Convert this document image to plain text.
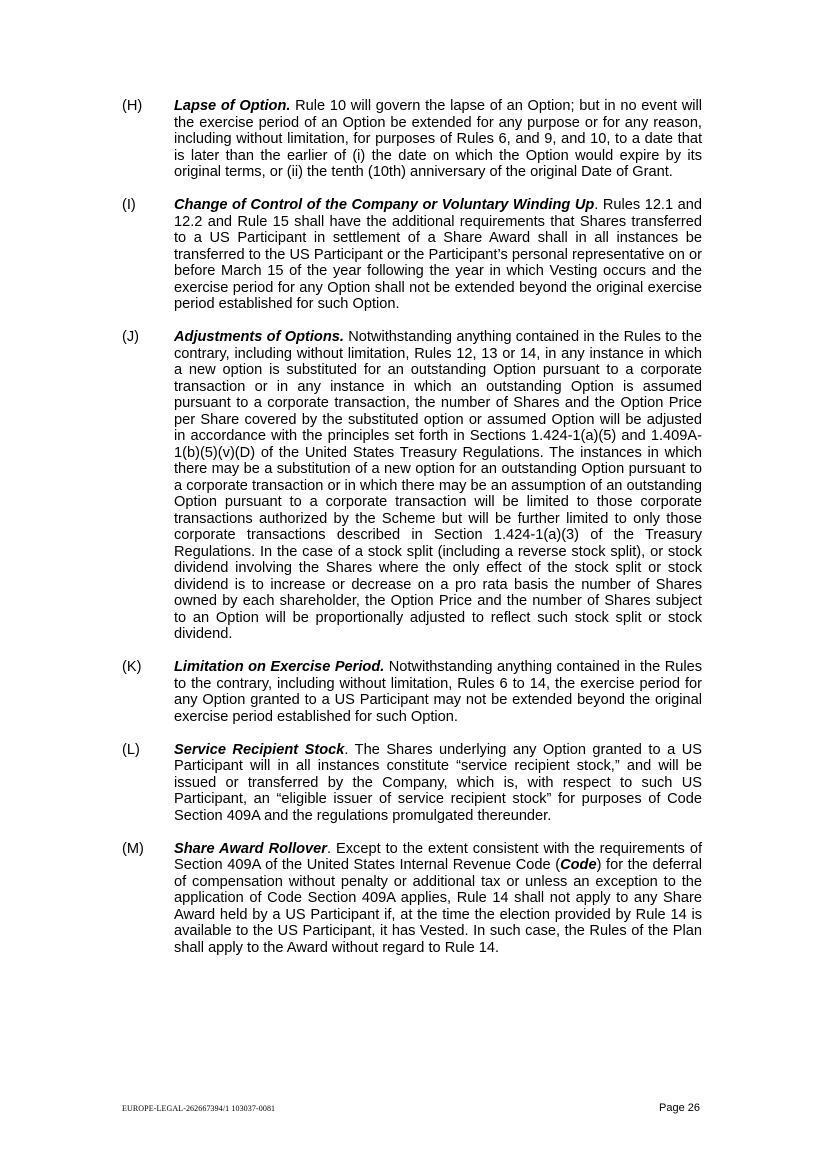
(H)	Lapse of Option. Rule 10 will govern the lapse of an Option; but in no event will the exercise period of an Option be extended for any purpose or for any reason, including without limitation, for purposes of Rules 6, and 9, and 10, to a date that is later than the earlier of (i) the date on which the Option would expire by its original terms, or (ii) the tenth (10th) anniversary of the original Date of Grant.
(I)	Change of Control of the Company or Voluntary Winding Up. Rules 12.1 and 12.2 and Rule 15 shall have the additional requirements that Shares transferred to a US Participant in settlement of a Share Award shall in all instances be transferred to the US Participant or the Participant’s personal representative on or before March 15 of the year following the year in which Vesting occurs and the exercise period for any Option shall not be extended beyond the original exercise period established for such Option.
(J)	Adjustments of Options. Notwithstanding anything contained in the Rules to the contrary, including without limitation, Rules 12, 13 or 14, in any instance in which a new option is substituted for an outstanding Option pursuant to a corporate transaction or in any instance in which an outstanding Option is assumed pursuant to a corporate transaction, the number of Shares and the Option Price per Share covered by the substituted option or assumed Option will be adjusted in accordance with the principles set forth in Sections 1.424-1(a)(5) and 1.409A-1(b)(5)(v)(D) of the United States Treasury Regulations. The instances in which there may be a substitution of a new option for an outstanding Option pursuant to a corporate transaction or in which there may be an assumption of an outstanding Option pursuant to a corporate transaction will be limited to those corporate transactions authorized by the Scheme but will be further limited to only those corporate transactions described in Section 1.424-1(a)(3) of the Treasury Regulations. In the case of a stock split (including a reverse stock split), or stock dividend involving the Shares where the only effect of the stock split or stock dividend is to increase or decrease on a pro rata basis the number of Shares owned by each shareholder, the Option Price and the number of Shares subject to an Option will be proportionally adjusted to reflect such stock split or stock dividend.
(K)	Limitation on Exercise Period. Notwithstanding anything contained in the Rules to the contrary, including without limitation, Rules 6 to 14, the exercise period for any Option granted to a US Participant may not be extended beyond the original exercise period established for such Option.
(L)	Service Recipient Stock. The Shares underlying any Option granted to a US Participant will in all instances constitute “service recipient stock,” and will be issued or transferred by the Company, which is, with respect to such US Participant, an “eligible issuer of service recipient stock” for purposes of Code Section 409A and the regulations promulgated thereunder.
(M)	Share Award Rollover. Except to the extent consistent with the requirements of Section 409A of the United States Internal Revenue Code (Code) for the deferral of compensation without penalty or additional tax or unless an exception to the application of Code Section 409A applies, Rule 14 shall not apply to any Share Award held by a US Participant if, at the time the election provided by Rule 14 is available to the US Participant, it has Vested. In such case, the Rules of the Plan shall apply to the Award without regard to Rule 14.
EUROPE-LEGAL-262667394/1 103037-0081	Page 26
